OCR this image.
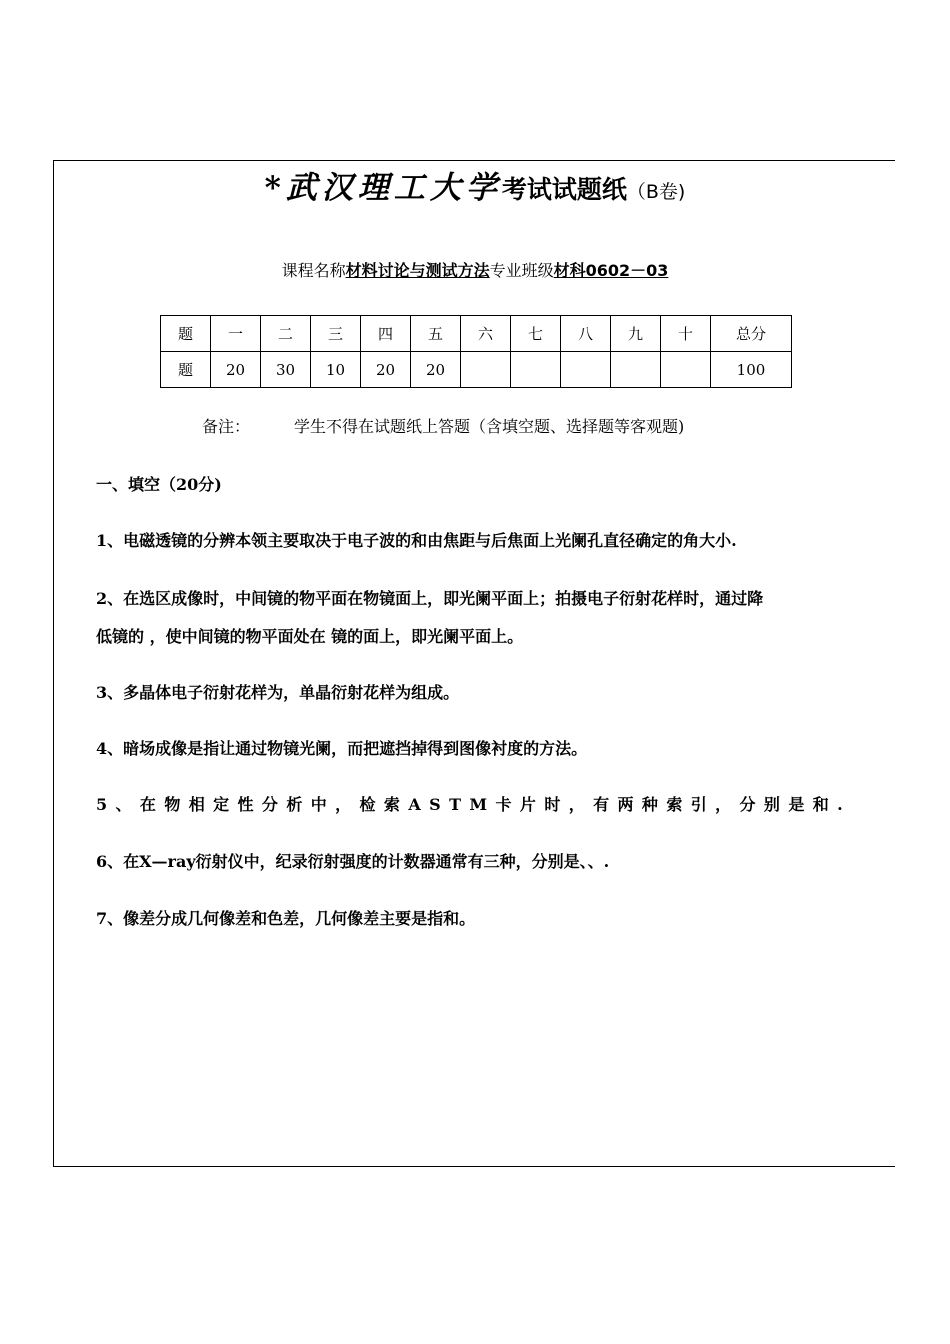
*武汉理工大学考试试题纸（B卷)
课程名称材料讨论与测试方法专业班级材科0602－03
题	一	二	三	四	五	六	七	八	九	十	总分
题	20	30	10	20	20						100
备注：	学生不得在试题纸上答题（含填空题、选择题等客观题)
一、填空（20分)
1、电磁透镜的分辨本领主要取决于电子波的和由焦距与后焦面上光阑孔直径确定的角大小.
2、在选区成像时，中间镜的物平面在物镜面上，即光阑平面上；拍摄电子衍射花样时，通过降
低镜的 ，使中间镜的物平面处在 镜的面上，即光阑平面上。
3、多晶体电子衍射花样为，单晶衍射花样为组成。
4、暗场成像是指让通过物镜光阑，而把遮挡掉得到图像衬度的方法。
5、在物相定性分析中，检索ASTM卡片时，有两种索引，分别是和.
6、在X—ray衍射仪中，纪录衍射强度的计数器通常有三种，分别是、、.
7、像差分成几何像差和色差，几何像差主要是指和。
